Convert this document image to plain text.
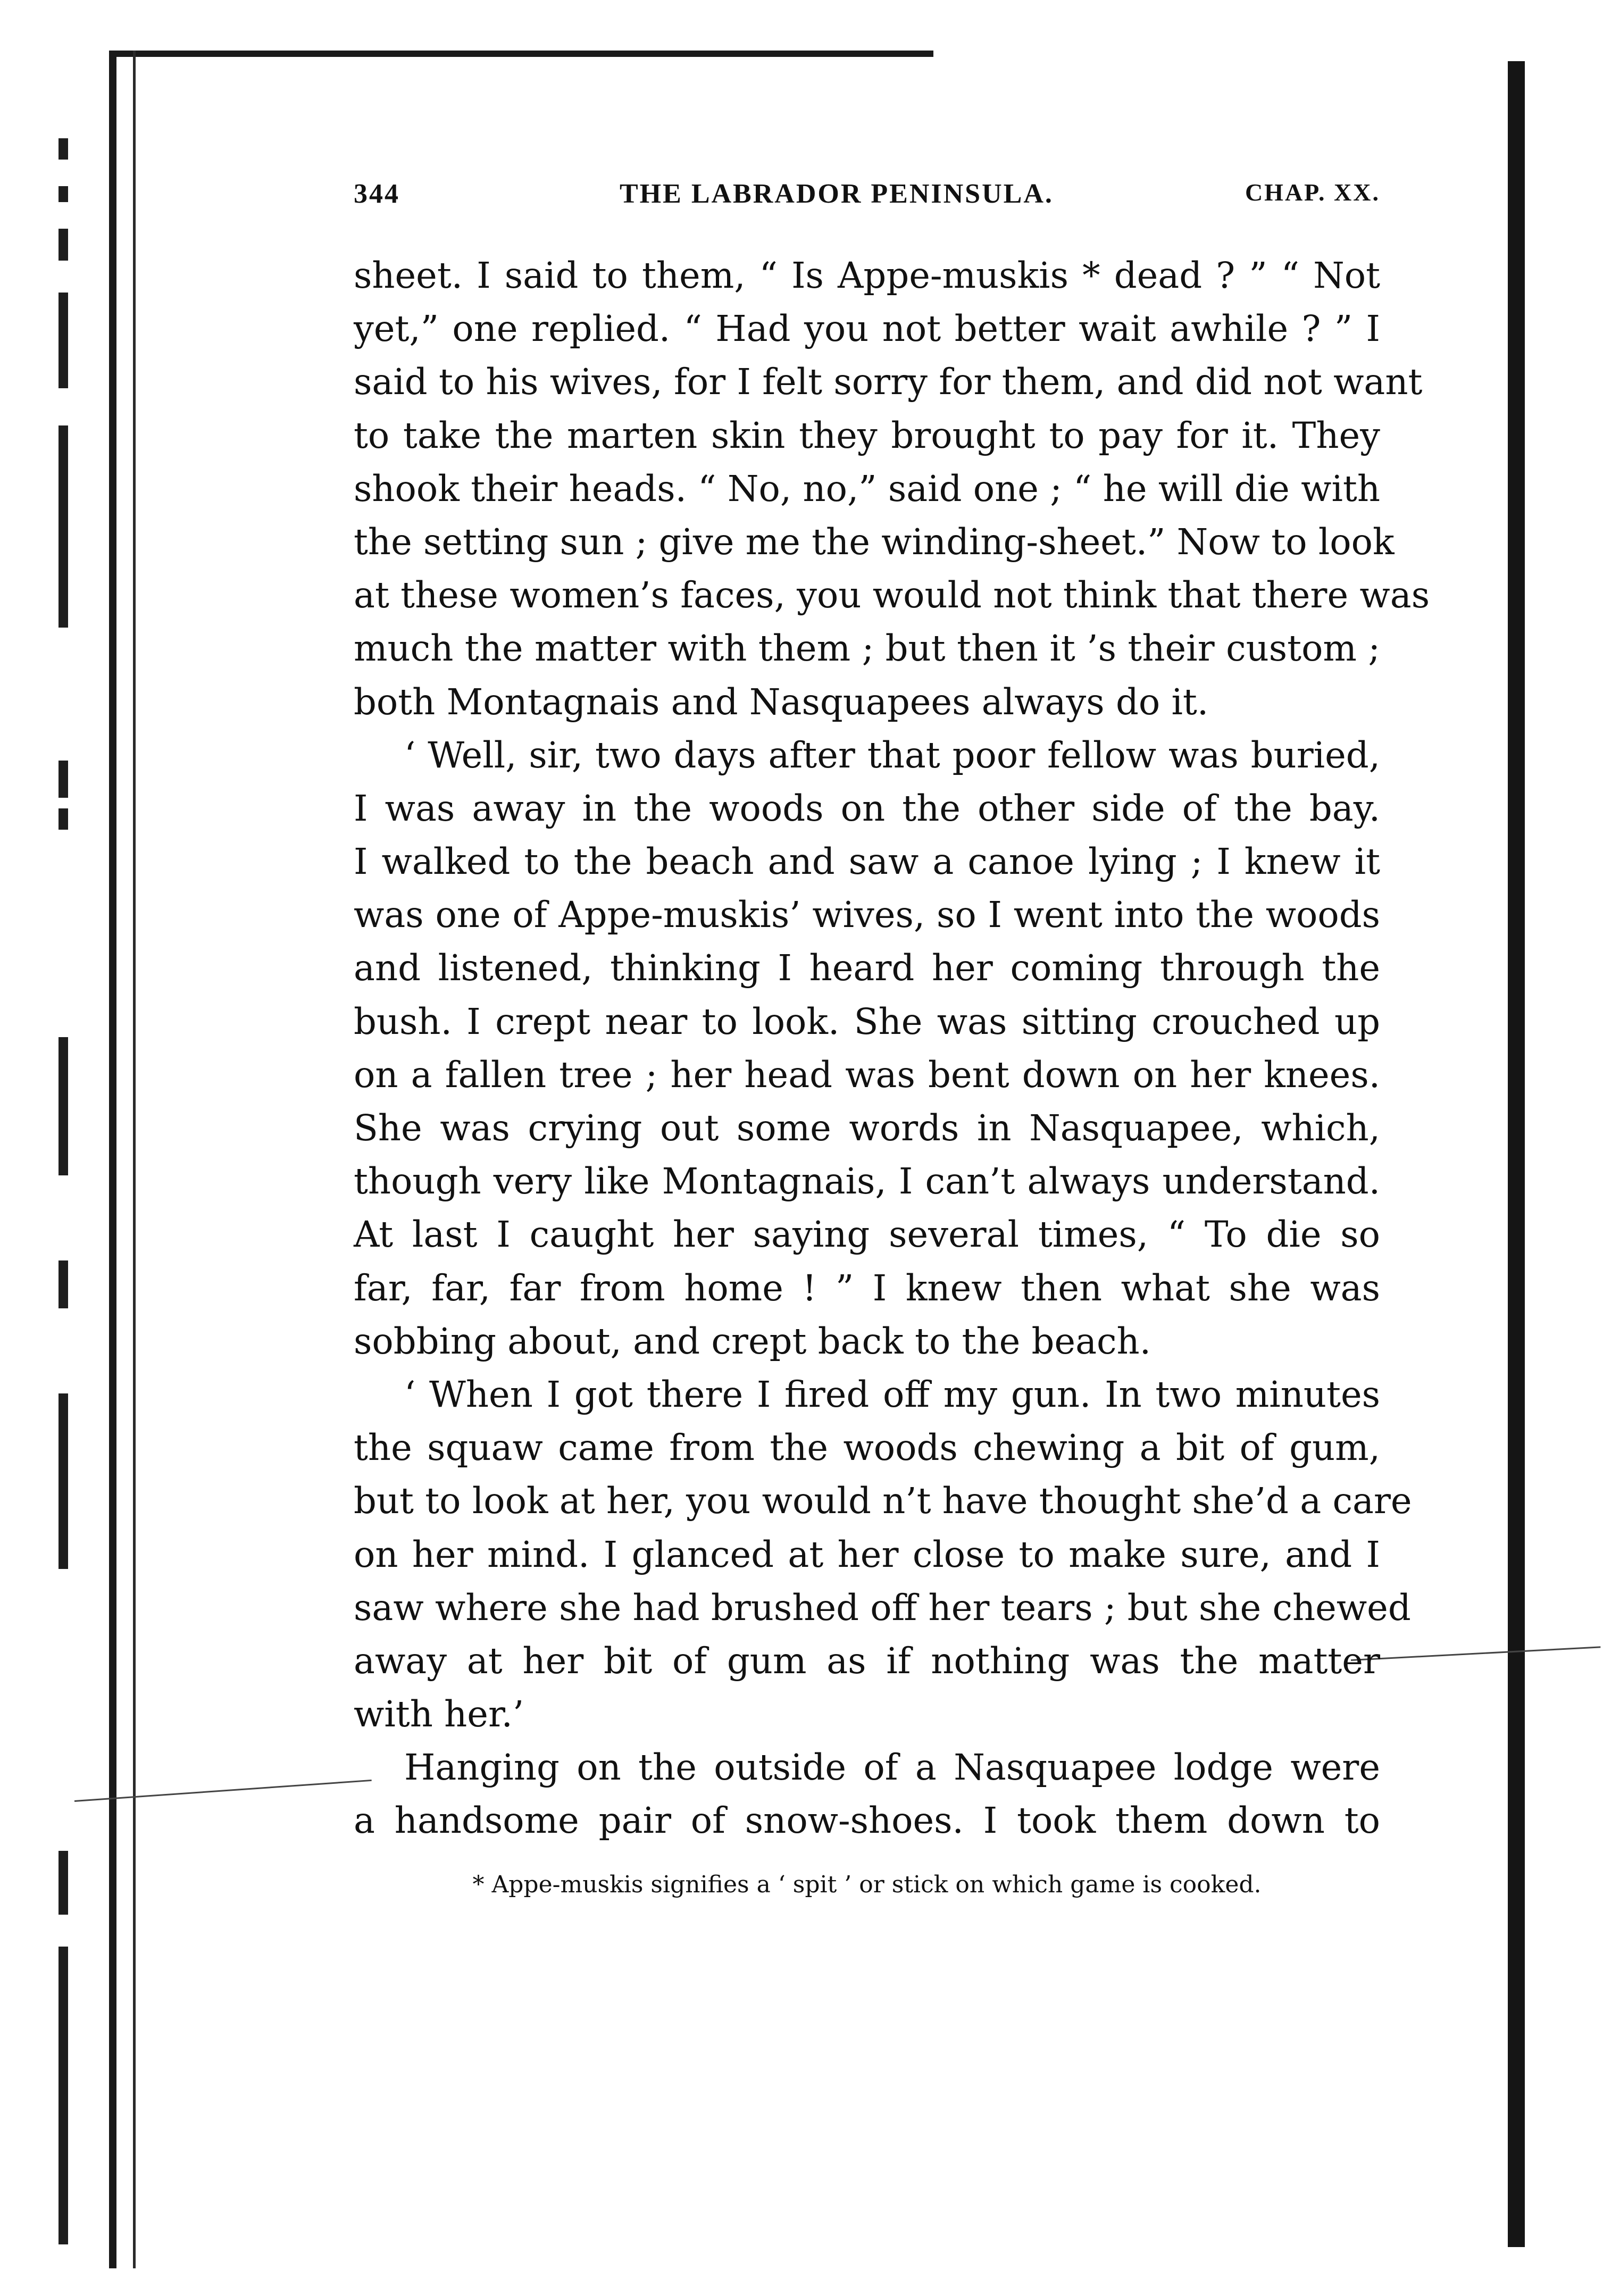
344	THE LABRADOR PENINSULA.	CHAP. XX.
sheet. I said to them, “ Is Appe-muskis * dead ? ” “ Not
yet,” one replied. “ Had you not better wait awhile ? ” I
said to his wives, for I felt sorry for them, and did not want
to take the marten skin they brought to pay for it. They
shook their heads. “ No, no,” said one ; “ he will die with
the setting sun ; give me the winding-sheet.” Now to look
at these women’s faces, you would not think that there was
much the matter with them ; but then it ’s their custom ;
both Montagnais and Nasquapees always do it.
‘ Well, sir, two days after that poor fellow was buried,
I was away in the woods on the other side of the bay.
I walked to the beach and saw a canoe lying ; I knew it
was one of Appe-muskis’ wives, so I went into the woods
and listened, thinking I heard her coming through the
bush. I crept near to look. She was sitting crouched up
on a fallen tree ; her head was bent down on her knees.
She was crying out some words in Nasquapee, which,
though very like Montagnais, I can’t always understand.
At last I caught her saying several times, “ To die so
far, far, far from home ! ” I knew then what she was
sobbing about, and crept back to the beach.
‘ When I got there I fired off my gun. In two minutes
the squaw came from the woods chewing a bit of gum,
but to look at her, you would n’t have thought she’d a care
on her mind. I glanced at her close to make sure, and I
saw where she had brushed off her tears ; but she chewed
away at her bit of gum as if nothing was the matter
with her.’
Hanging on the outside of a Nasquapee lodge were
a handsome pair of snow-shoes. I took them down to
* Appe-muskis signifies a ‘ spit ’ or stick on which game is cooked.
